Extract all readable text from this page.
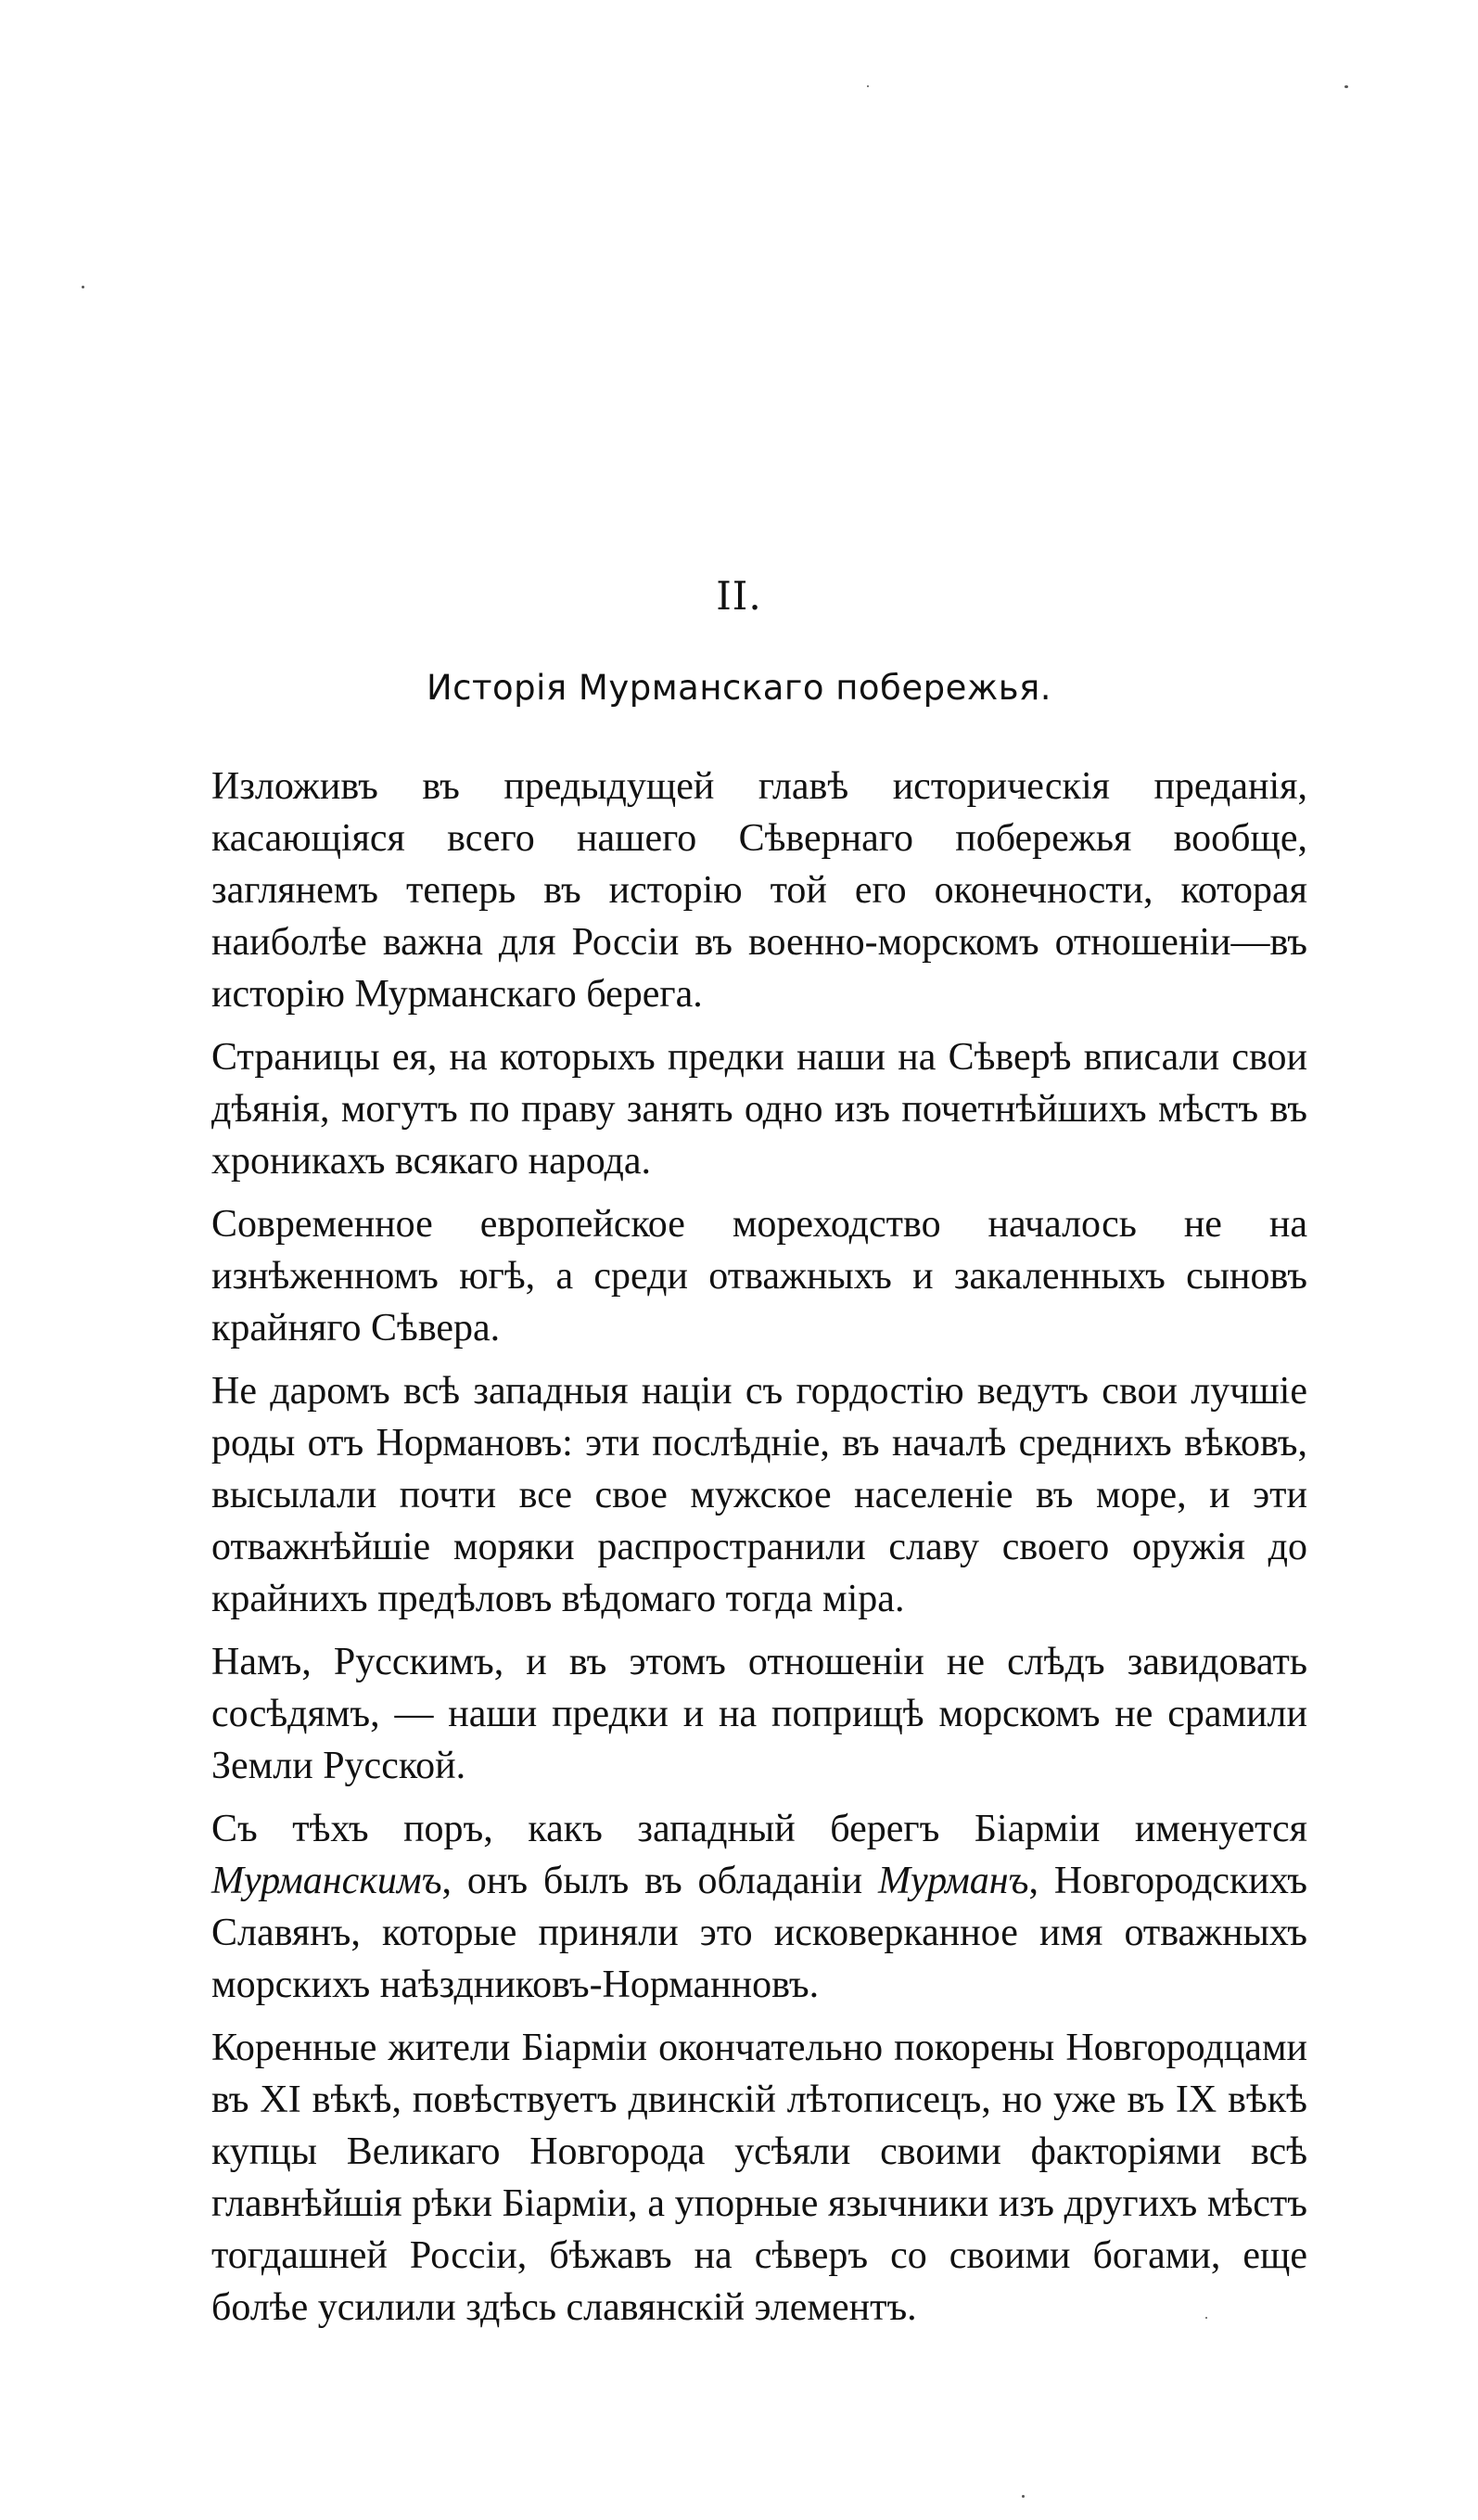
II.
Исторія Мурманскаго побережья.

Изложивъ въ предыдущей главѣ историческія преданія, касающіяся всего нашего Сѣвернаго побережья вообще, заглянемъ теперь въ исторію той его оконечности, которая наиболѣе важна для Россіи въ военно-морскомъ отношеніи—въ исторію Мурманскаго берега.

Страницы ея, на которыхъ предки наши на Сѣверѣ вписали свои дѣянія, могутъ по праву занять одно изъ почетнѣйшихъ мѣстъ въ хроникахъ всякаго народа.

Современное европейское мореходство началось не на изнѣженномъ югѣ, а среди отважныхъ и закаленныхъ сыновъ крайняго Сѣвера.

Не даромъ всѣ западныя націи съ гордостію ведутъ свои лучшіе роды отъ Нормановъ: эти послѣдніе, въ началѣ среднихъ вѣковъ, высылали почти все свое мужское населеніе въ море, и эти отважнѣйшіе моряки распространили славу своего оружія до крайнихъ предѣловъ вѣдомаго тогда міра.

Намъ, Русскимъ, и въ этомъ отношеніи не слѣдъ завидовать сосѣдямъ, — наши предки и на поприщѣ морскомъ не срамили Земли Русской.

Съ тѣхъ поръ, какъ западный берегъ Біарміи именуется Мурманскимъ, онъ былъ въ обладаніи Мурманъ, Новгородскихъ Славянъ, которые приняли это исковерканное имя отважныхъ морскихъ наѣздниковъ-Норманновъ.

Коренные жители Біарміи окончательно покорены Новгородцами въ XI вѣкѣ, повѣствуетъ двинскій лѣтописецъ, но уже въ IX вѣкѣ купцы Великаго Новгорода усѣяли своими факторіями всѣ главнѣйшія рѣки Біарміи, а упорные язычники изъ другихъ мѣстъ тогдашней Россіи, бѣжавъ на сѣверъ со своими богами, еще болѣе усилили здѣсь славянскій элементъ.
